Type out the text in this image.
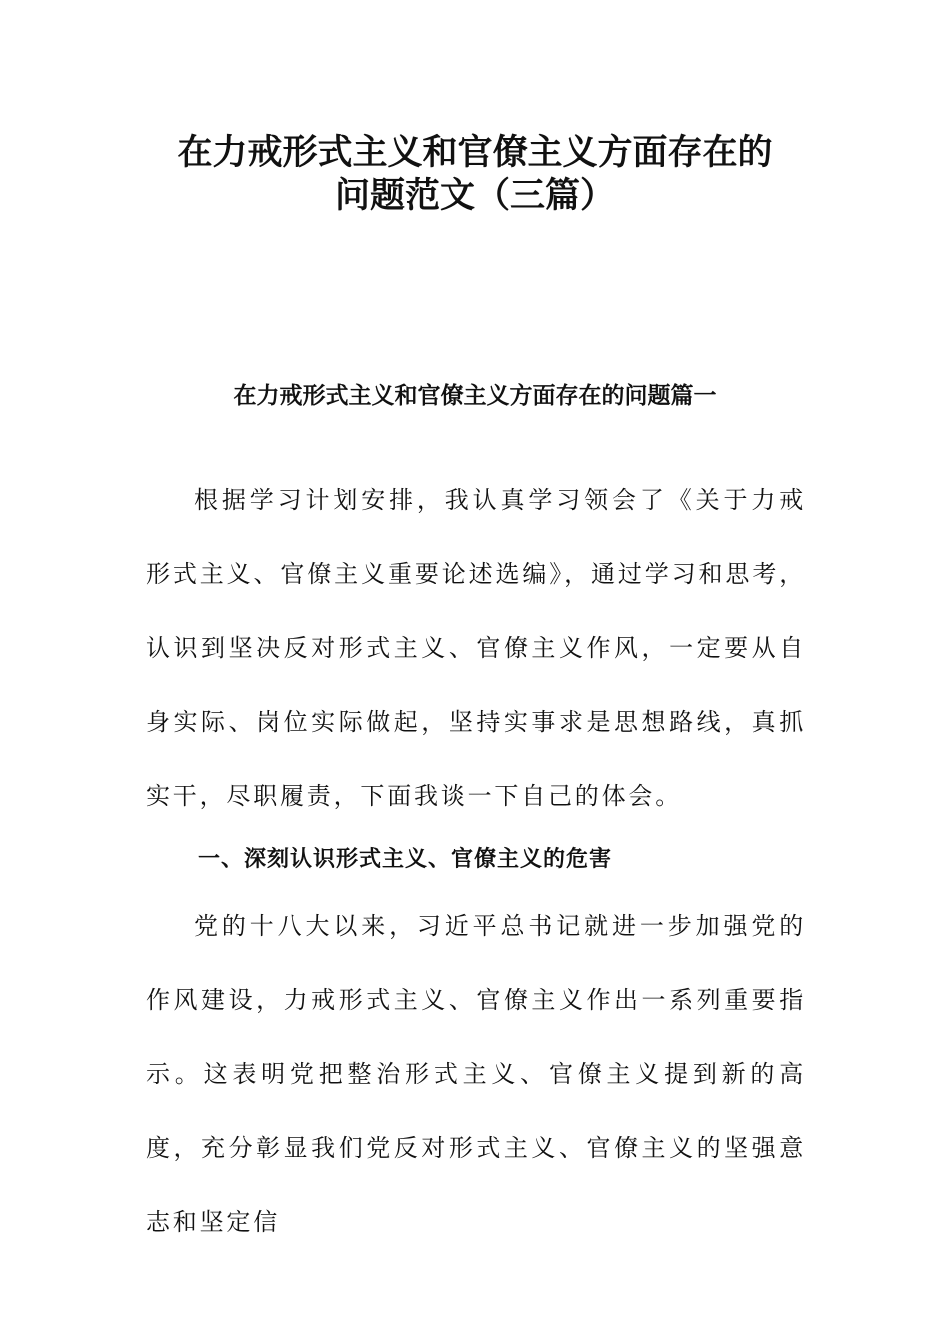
在力戒形式主义和官僚主义方面存在的
问题范文（三篇）
在力戒形式主义和官僚主义方面存在的问题篇一

根据学习计划安排，我认真学习领会了《关于力戒形式主义、官僚主义重要论述选编》，通过学习和思考，认识到坚决反对形式主义、官僚主义作风，一定要从自身实际、岗位实际做起，坚持实事求是思想路线，真抓实干，尽职履责，下面我谈一下自己的体会。

一、深刻认识形式主义、官僚主义的危害

党的十八大以来，习近平总书记就进一步加强党的作风建设，力戒形式主义、官僚主义作出一系列重要指示。这表明党把整治形式主义、官僚主义提到新的高度，充分彰显我们党反对形式主义、官僚主义的坚强意志和坚定信
